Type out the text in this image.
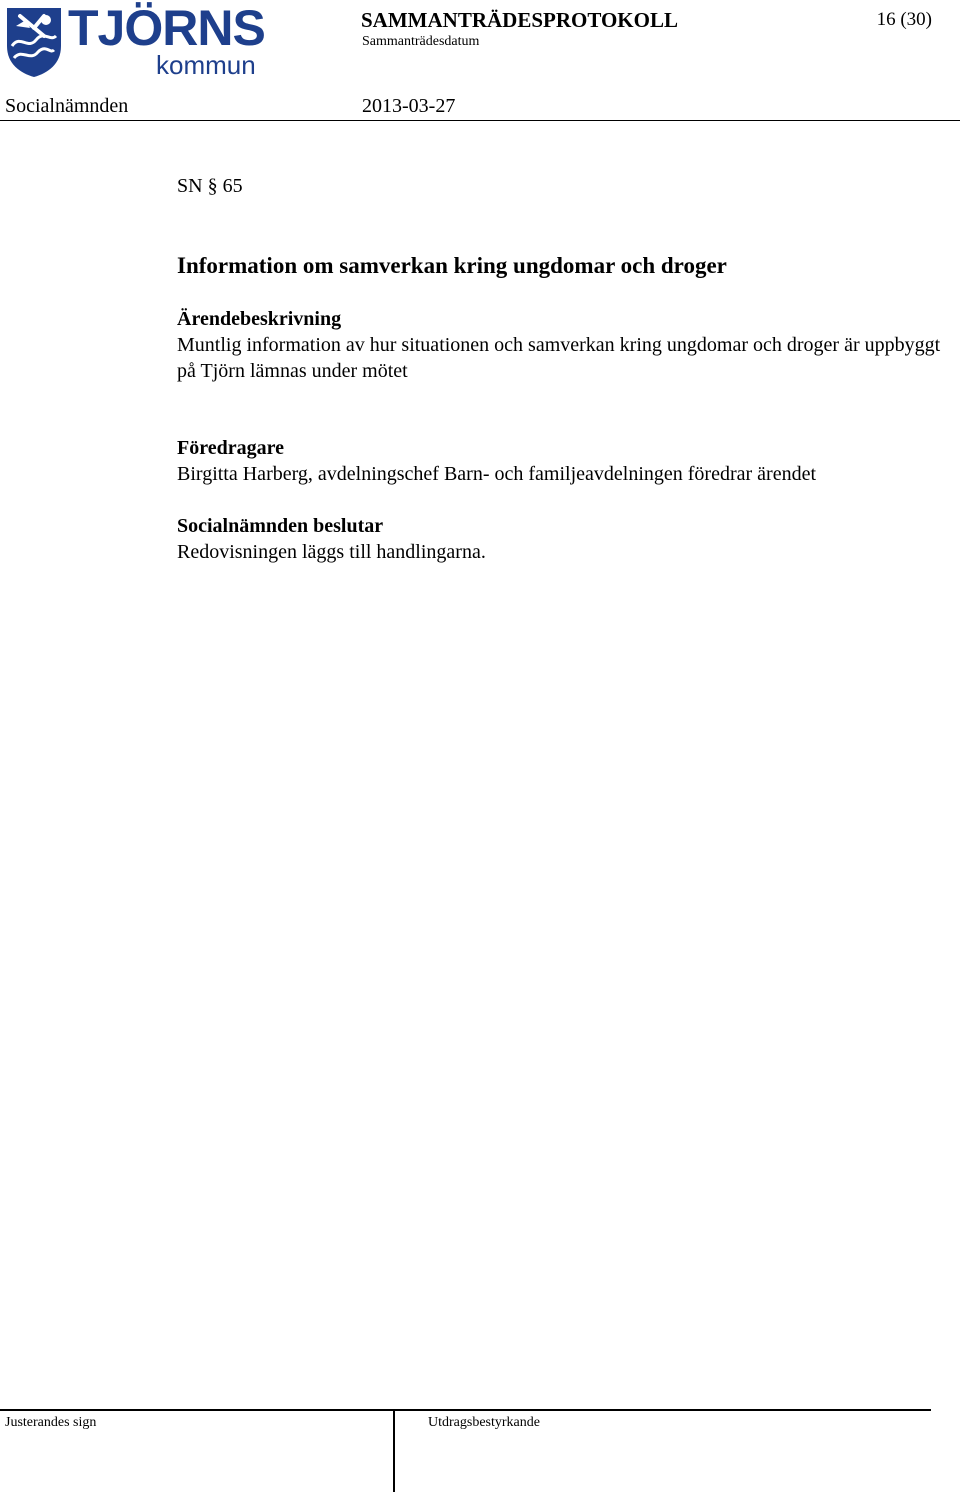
TJÖRNS
kommun
SAMMANTRÄDESPROTOKOLL
Sammanträdesdatum
16 (30)
Socialnämnden	2013-03-27
SN § 65
Information om samverkan kring ungdomar och droger
Ärendebeskrivning
Muntlig information av hur situationen och samverkan kring ungdomar och droger är uppbyggt på Tjörn lämnas under mötet
Föredragare
Birgitta Harberg, avdelningschef Barn- och familjeavdelningen föredrar ärendet
Socialnämnden beslutar
Redovisningen läggs till handlingarna.
Justerandes sign	Utdragsbestyrkande
